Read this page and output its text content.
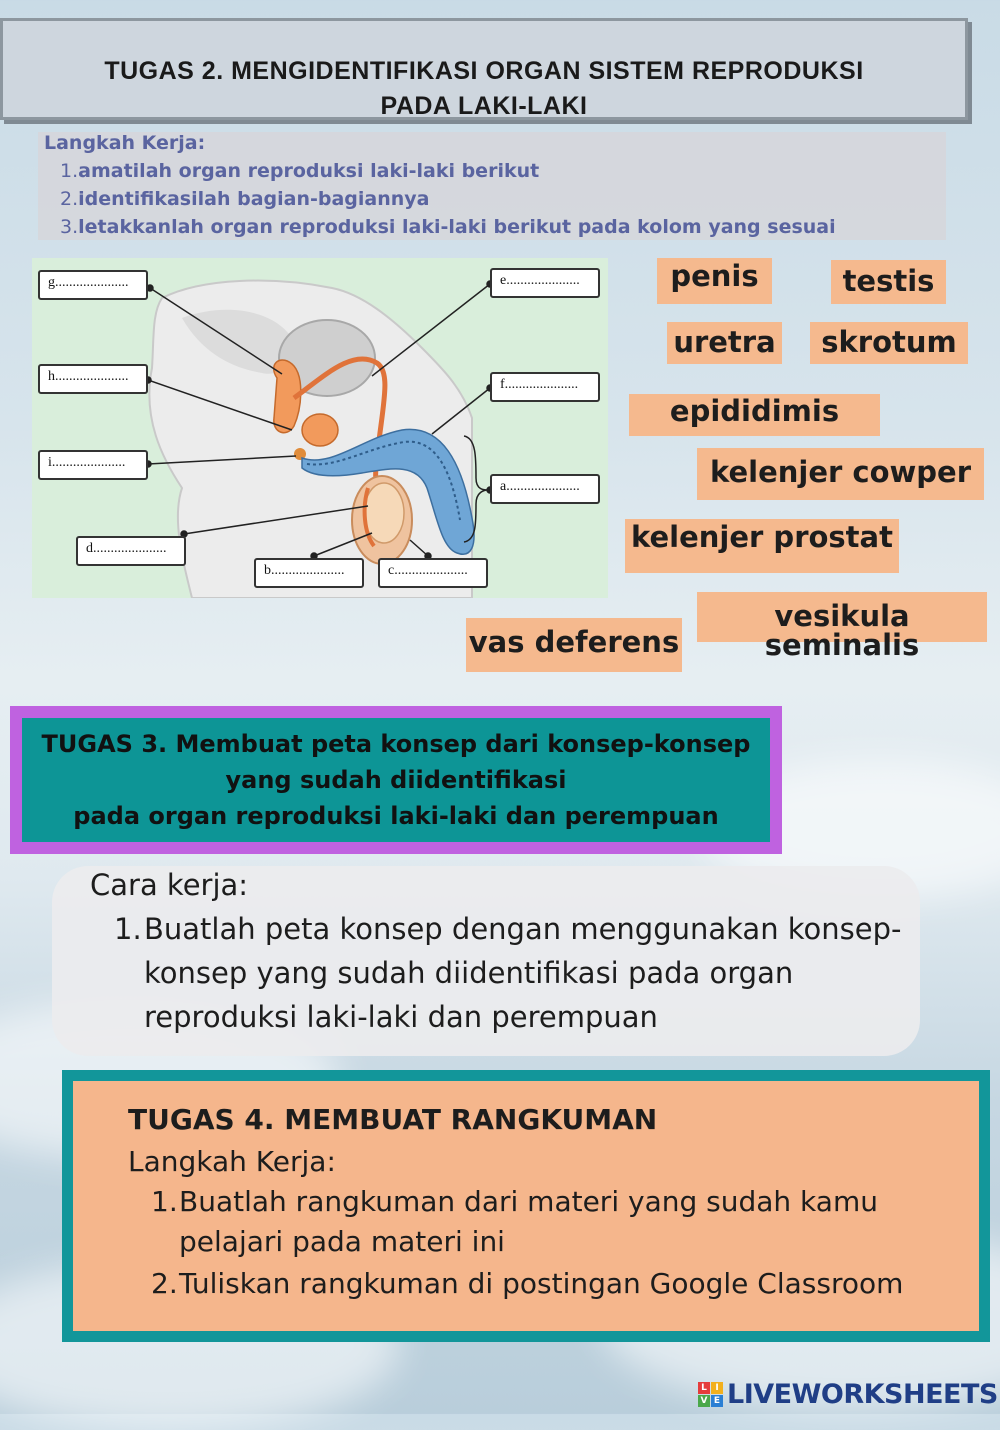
TUGAS 2. MENGIDENTIFIKASI ORGAN SISTEM REPRODUKSI
PADA LAKI-LAKI
Langkah Kerja:
1.amatilah organ reproduksi laki-laki berikut
2.identifikasilah bagian-bagiannya
3.letakkanlah organ reproduksi laki-laki berikut pada kolom yang sesuai
g.....................
h.....................
i.....................
d.....................
b.....................	c.....................
e.....................
f.....................
a.....................
penis	testis
uretra	skrotum
epididimis
kelenjer cowper
kelenjer prostat
vesikula seminalis
vas deferens
TUGAS 3. Membuat peta konsep dari konsep-konsep
yang sudah diidentifikasi
pada organ reproduksi laki-laki dan perempuan
Cara kerja:
1. Buatlah peta konsep dengan menggunakan konsep-
konsep yang sudah diidentifikasi pada organ
reproduksi laki-laki dan perempuan
TUGAS 4. MEMBUAT RANGKUMAN
Langkah Kerja:
1. Buatlah rangkuman dari materi yang sudah kamu
pelajari pada materi ini
2. Tuliskan rangkuman di postingan Google Classroom
L I
V E LIVEWORKSHEETS
